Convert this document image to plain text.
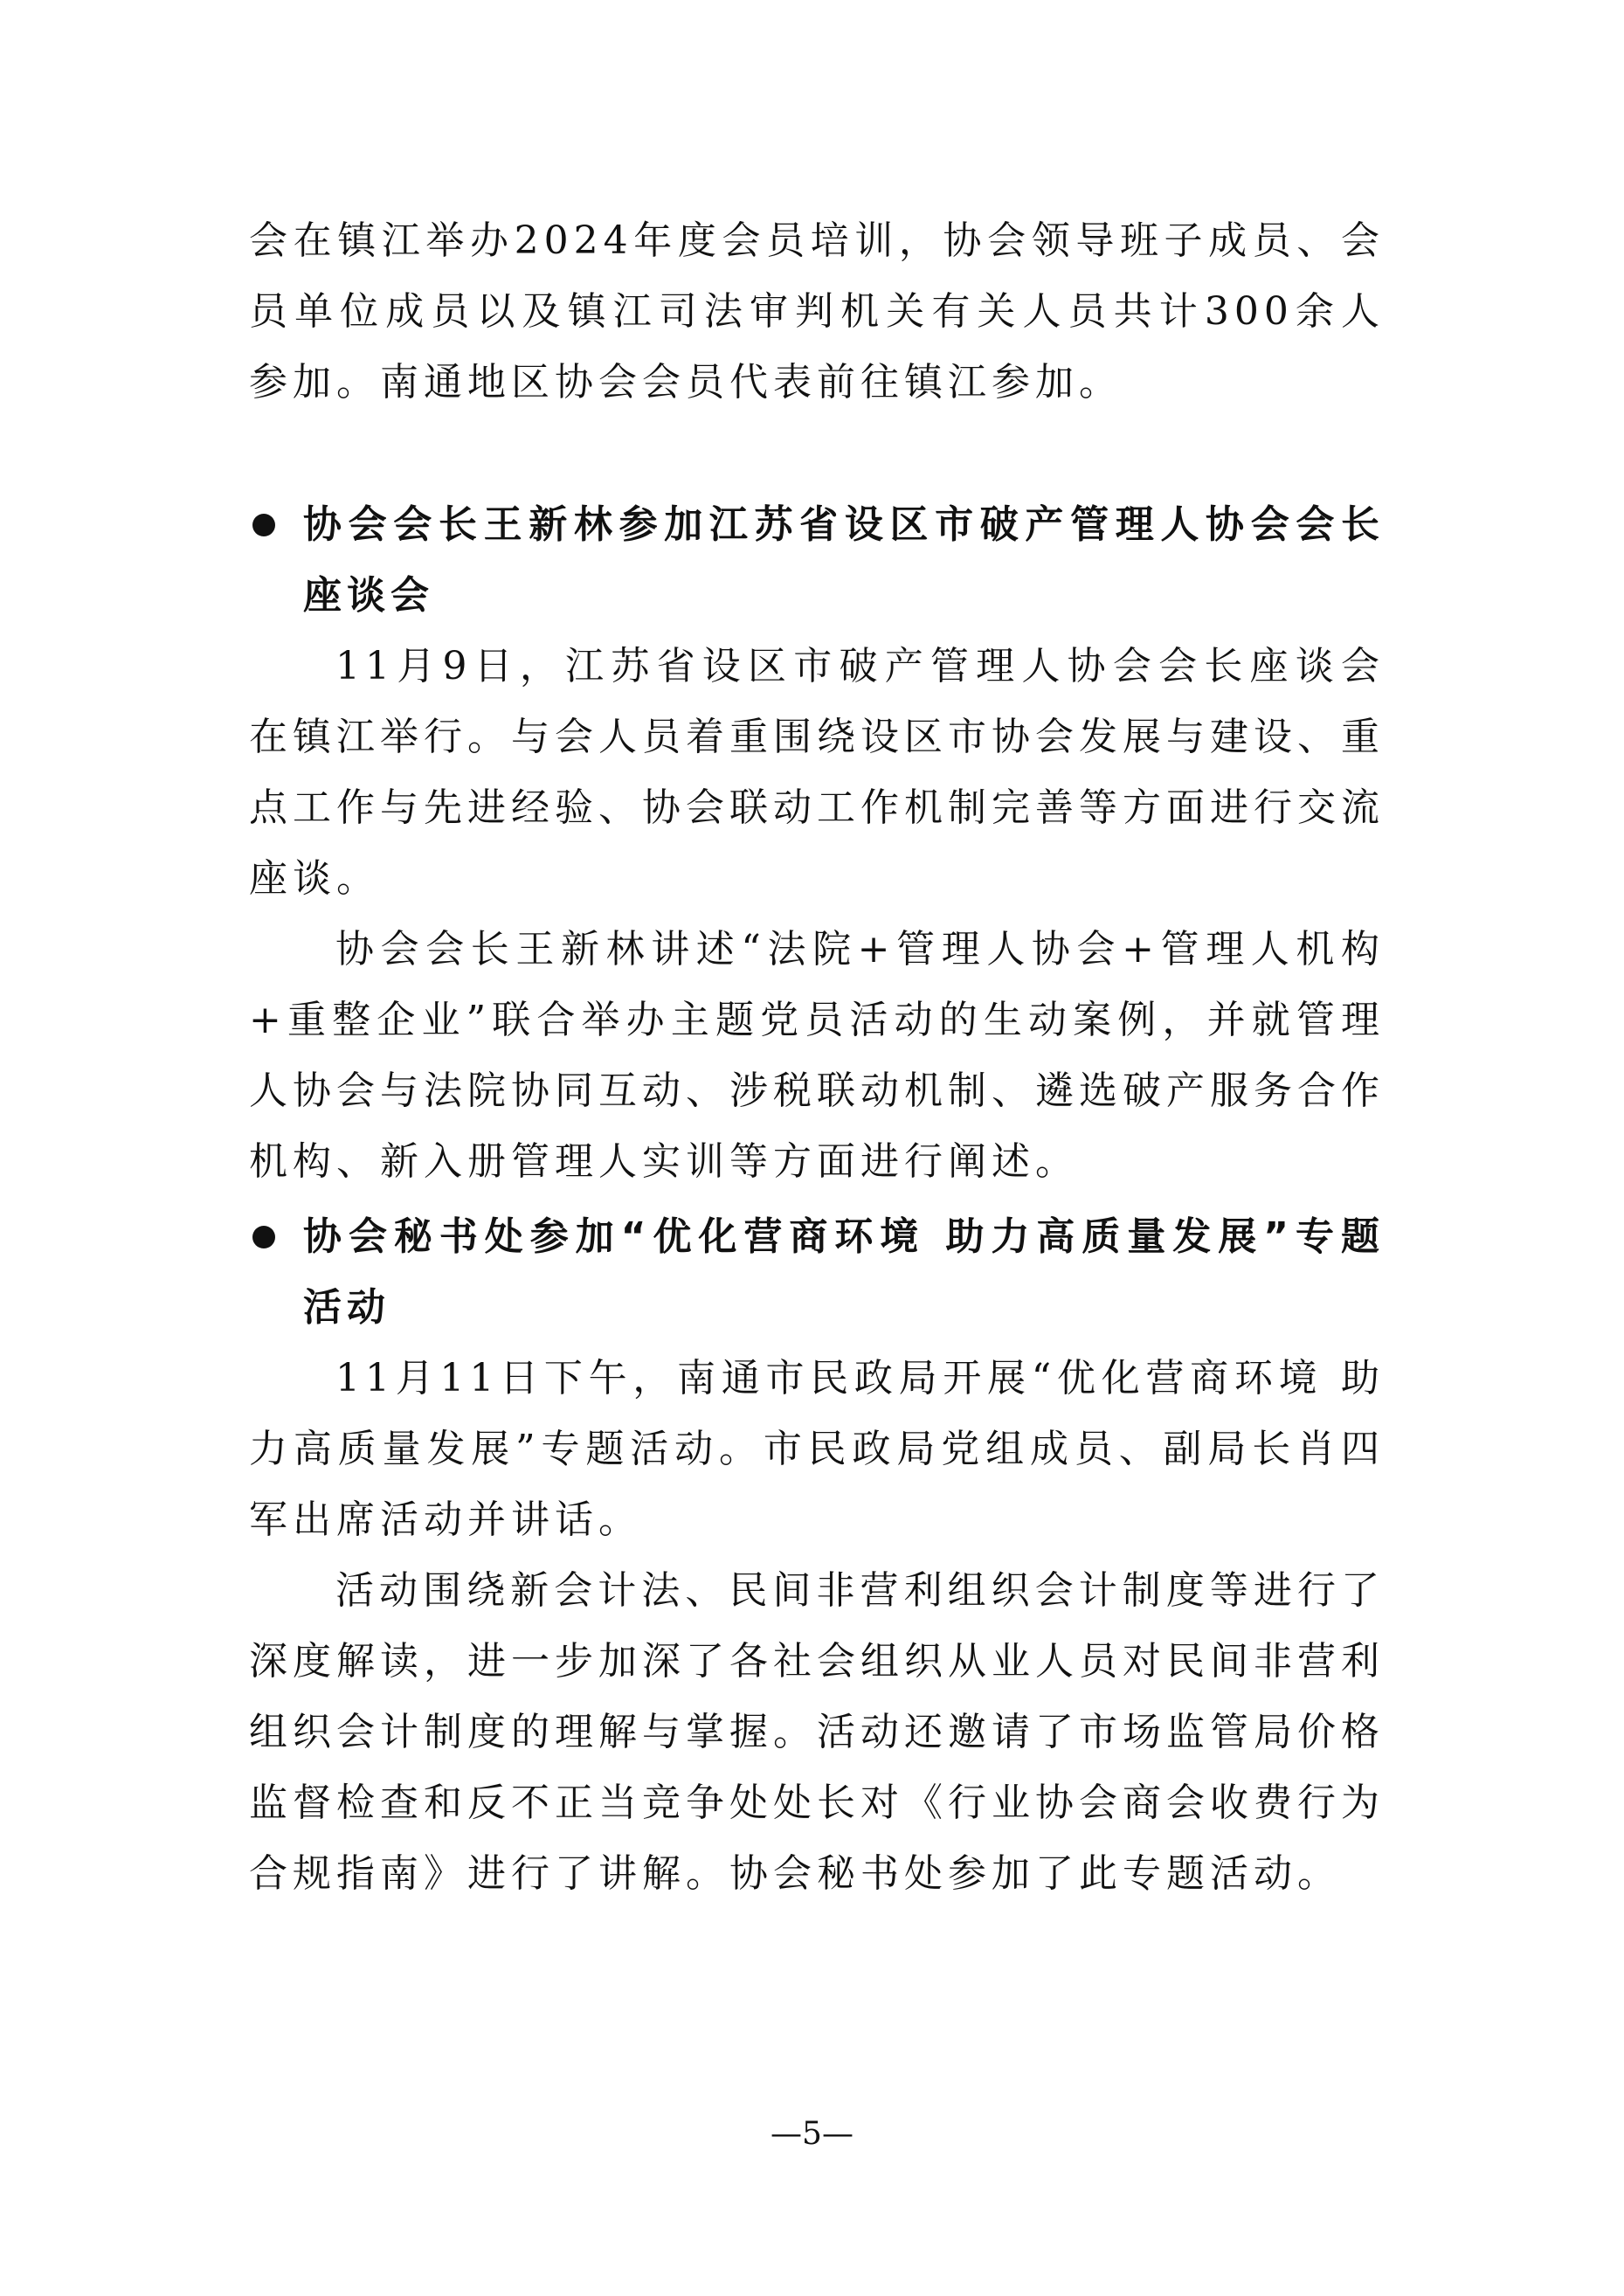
会在镇江举办2024年度会员培训，协会领导班子成员、会员单位成员以及镇江司法审判机关有关人员共计300余人参加。南通地区协会会员代表前往镇江参加。

协会会长王新林参加江苏省设区市破产管理人协会会长座谈会

11月9日，江苏省设区市破产管理人协会会长座谈会在镇江举行。与会人员着重围绕设区市协会发展与建设、重点工作与先进经验、协会联动工作机制完善等方面进行交流座谈。

协会会长王新林讲述“法院+管理人协会+管理人机构+重整企业”联合举办主题党员活动的生动案例，并就管理人协会与法院协同互动、涉税联动机制、遴选破产服务合作机构、新入册管理人实训等方面进行阐述。

协会秘书处参加“优化营商环境 助力高质量发展”专题活动

11月11日下午，南通市民政局开展“优化营商环境 助力高质量发展”专题活动。市民政局党组成员、副局长肖四军出席活动并讲话。

活动围绕新会计法、民间非营利组织会计制度等进行了深度解读，进一步加深了各社会组织从业人员对民间非营利组织会计制度的理解与掌握。活动还邀请了市场监管局价格监督检查和反不正当竞争处处长对《行业协会商会收费行为合规指南》进行了讲解。协会秘书处参加了此专题活动。

—5—
